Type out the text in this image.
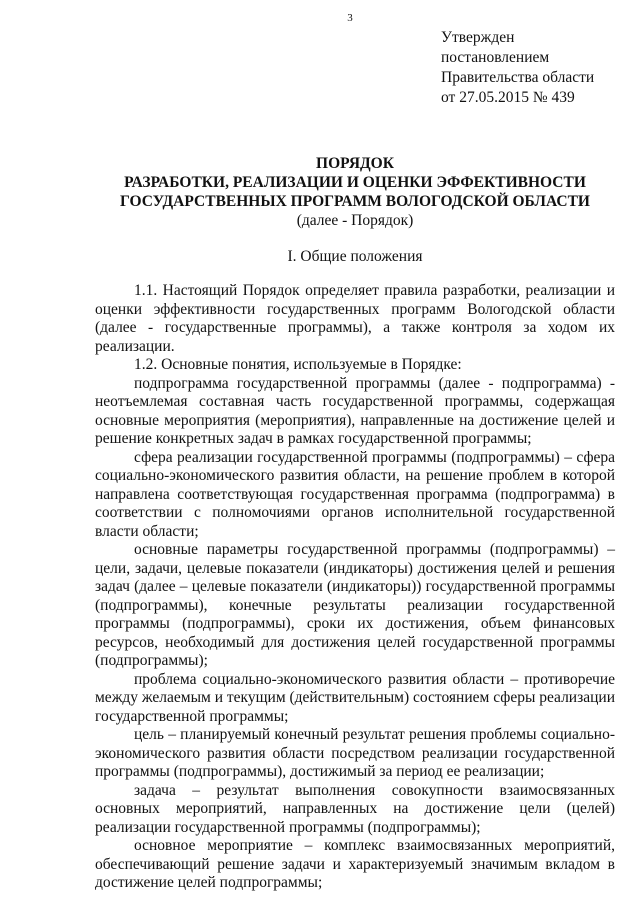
3
Утвержден
постановлением
Правительства области
от 27.05.2015 № 439
ПОРЯДОК
РАЗРАБОТКИ, РЕАЛИЗАЦИИ И ОЦЕНКИ ЭФФЕКТИВНОСТИ
ГОСУДАРСТВЕННЫХ ПРОГРАММ ВОЛОГОДСКОЙ ОБЛАСТИ
(далее - Порядок)
I. Общие положения

1.1. Настоящий Порядок определяет правила разработки, реализации и оценки эффективности государственных программ Вологодской области (далее - государственные программы), а также контроля за ходом их реализации.

1.2. Основные понятия, используемые в Порядке:

подпрограмма государственной программы (далее - подпрограмма) - неотъемлемая составная часть государственной программы, содержащая основные мероприятия (мероприятия), направленные на достижение целей и решение конкретных задач в рамках государственной программы;

сфера реализации государственной программы (подпрограммы) – сфера социально-экономического развития области, на решение проблем в которой направлена соответствующая государственная программа (подпрограмма) в соответствии с полномочиями органов исполнительной государственной власти области;

основные параметры государственной программы (подпрограммы) – цели, задачи, целевые показатели (индикаторы) достижения целей и решения задач (далее – целевые показатели (индикаторы)) государственной программы (подпрограммы), конечные результаты реализации государственной программы (подпрограммы), сроки их достижения, объем финансовых ресурсов, необходимый для достижения целей государственной программы (подпрограммы);

проблема социально-экономического развития области – противоречие между желаемым и текущим (действительным) состоянием сферы реализации государственной программы;

цель – планируемый конечный результат решения проблемы социально-экономического развития области посредством реализации государственной программы (подпрограммы), достижимый за период ее реализации;

задача – результат выполнения совокупности взаимосвязанных основных мероприятий, направленных на достижение цели (целей) реализации государственной программы (подпрограммы);

основное мероприятие – комплекс взаимосвязанных мероприятий, обеспечивающий решение задачи и характеризуемый значимым вкладом в достижение целей подпрограммы;
